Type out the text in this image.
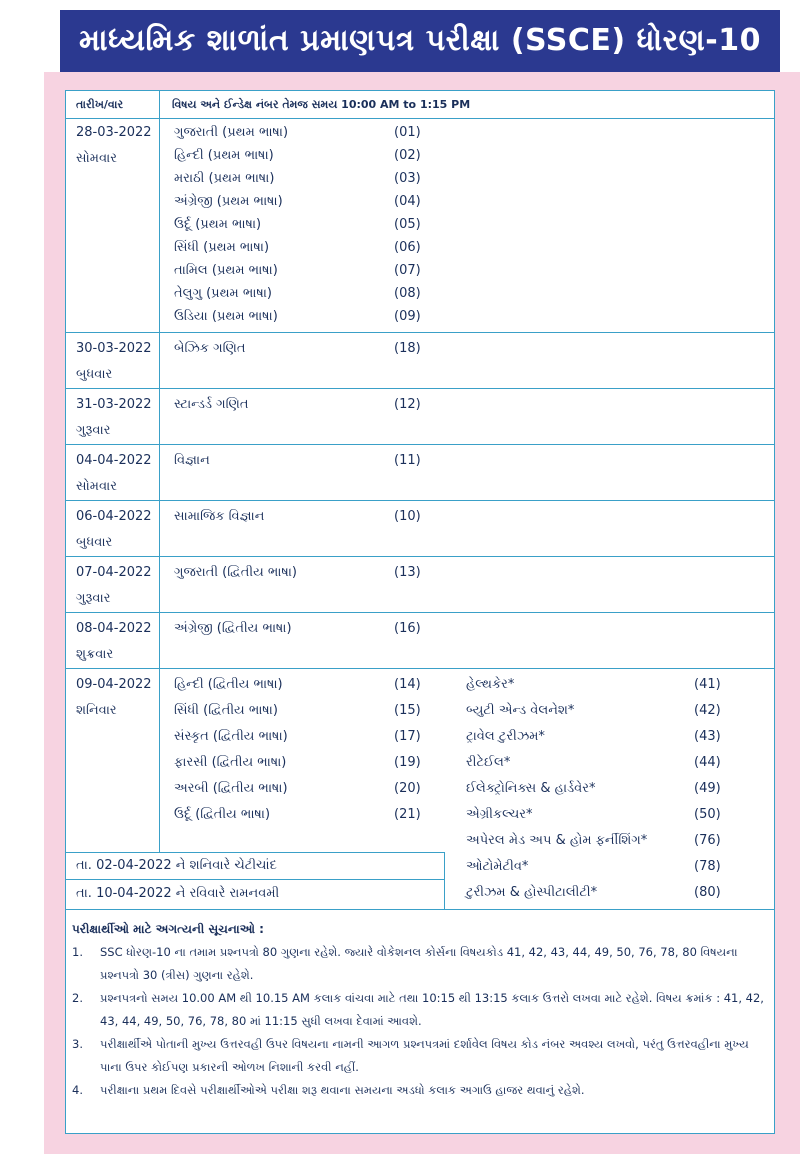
માધ્યમિક શાળાંત પ્રમાણપત્ર પરીક્ષા (SSCE) ધોરણ-10
તારીખ/વાર	વિષય અને ઈન્ડેક્ષ નંબર તેમજ સમય 10:00 AM to 1:15 PM
28-03-2022
સોમવાર
ગુજરાતી (પ્રથમ ભાષા)	(01)
હિન્દી (પ્રથમ ભાષા)	(02)
મરાઠી (પ્રથમ ભાષા)	(03)
અંગ્રેજી (પ્રથમ ભાષા)	(04)
ઉર્દૂ (પ્રથમ ભાષા)	(05)
સિંધી (પ્રથમ ભાષા)	(06)
તામિલ (પ્રથમ ભાષા)	(07)
તેલુગુ (પ્રથમ ભાષા)	(08)
ઉડિયા (પ્રથમ ભાષા)	(09)
30-03-2022
બુધવાર
બેઝિક ગણિત	(18)
31-03-2022
ગુરૂવાર
સ્ટાન્ડર્ડ ગણિત	(12)
04-04-2022
સોમવાર
વિજ્ઞાન	(11)
06-04-2022
બુધવાર
સામાજિક વિજ્ઞાન	(10)
07-04-2022
ગુરૂવાર
ગુજરાતી (દ્વિતીય ભાષા)	(13)
08-04-2022
શુક્રવાર
અંગ્રેજી (દ્વિતીય ભાષા)	(16)
09-04-2022
શનિવાર
હિન્દી (દ્વિતીય ભાષા)	(14)
સિંધી (દ્વિતીય ભાષા)	(15)
સંસ્કૃત (દ્વિતીય ભાષા)	(17)
ફારસી (દ્વિતીય ભાષા)	(19)
અરબી (દ્વિતીય ભાષા)	(20)
ઉર્દૂ (દ્વિતીય ભાષા)	(21)
હેલ્થકેર*	(41)
બ્યુટી એન્ડ વેલનેશ*	(42)
ટ્રાવેલ ટુરીઝમ*	(43)
રીટેઈલ*	(44)
ઈલેક્ટ્રોનિક્સ & હાર્ડવેર*	(49)
એગ્રીકલ્ચર*	(50)
અપેરલ મેડ અપ & હોમ ફર્નીશિંગ*	(76)
ઓટોમેટીવ*	(78)
ટુરીઝમ & હોસ્પીટાલીટી*	(80)
તા. 02-04-2022 ને શનિવારે ચેટીચાંદ
તા. 10-04-2022 ને રવિવારે રામનવમી
પરીક્ષાર્થીઓ માટે અગત્યની સૂચનાઓ :
1. SSC ધોરણ-10 ના તમામ પ્રશ્નપત્રો 80 ગુણના રહેશે. જ્યારે વોકેશનલ કોર્સના વિષયકોડ 41, 42, 43, 44, 49, 50, 76, 78, 80 વિષયના પ્રશ્નપત્રો 30 (ત્રીસ) ગુણના રહેશે.
2. પ્રશ્નપત્રનો સમય 10.00 AM થી 10.15 AM કલાક વાંચવા માટે તથા 10:15 થી 13:15 કલાક ઉત્તરો લખવા માટે રહેશે. વિષય ક્રમાંક : 41, 42, 43, 44, 49, 50, 76, 78, 80 માં 11:15 સુધી લખવા દેવામાં આવશે.
3. પરીક્ષાર્થીએ પોતાની મુખ્ય ઉત્તરવહી ઉપર વિષયના નામની આગળ પ્રશ્નપત્રમાં દર્શાવેલ વિષય કોડ નંબર અવશ્ય લખવો, પરંતુ ઉત્તરવહીના મુખ્ય પાના ઉપર કોઈપણ પ્રકારની ઓળખ નિશાની કરવી નહીં.
4. પરીક્ષાના પ્રથમ દિવસે પરીક્ષાર્થીઓએ પરીક્ષા શરૂ થવાના સમયના અડધો કલાક અગાઉ હાજર થવાનું રહેશે.
